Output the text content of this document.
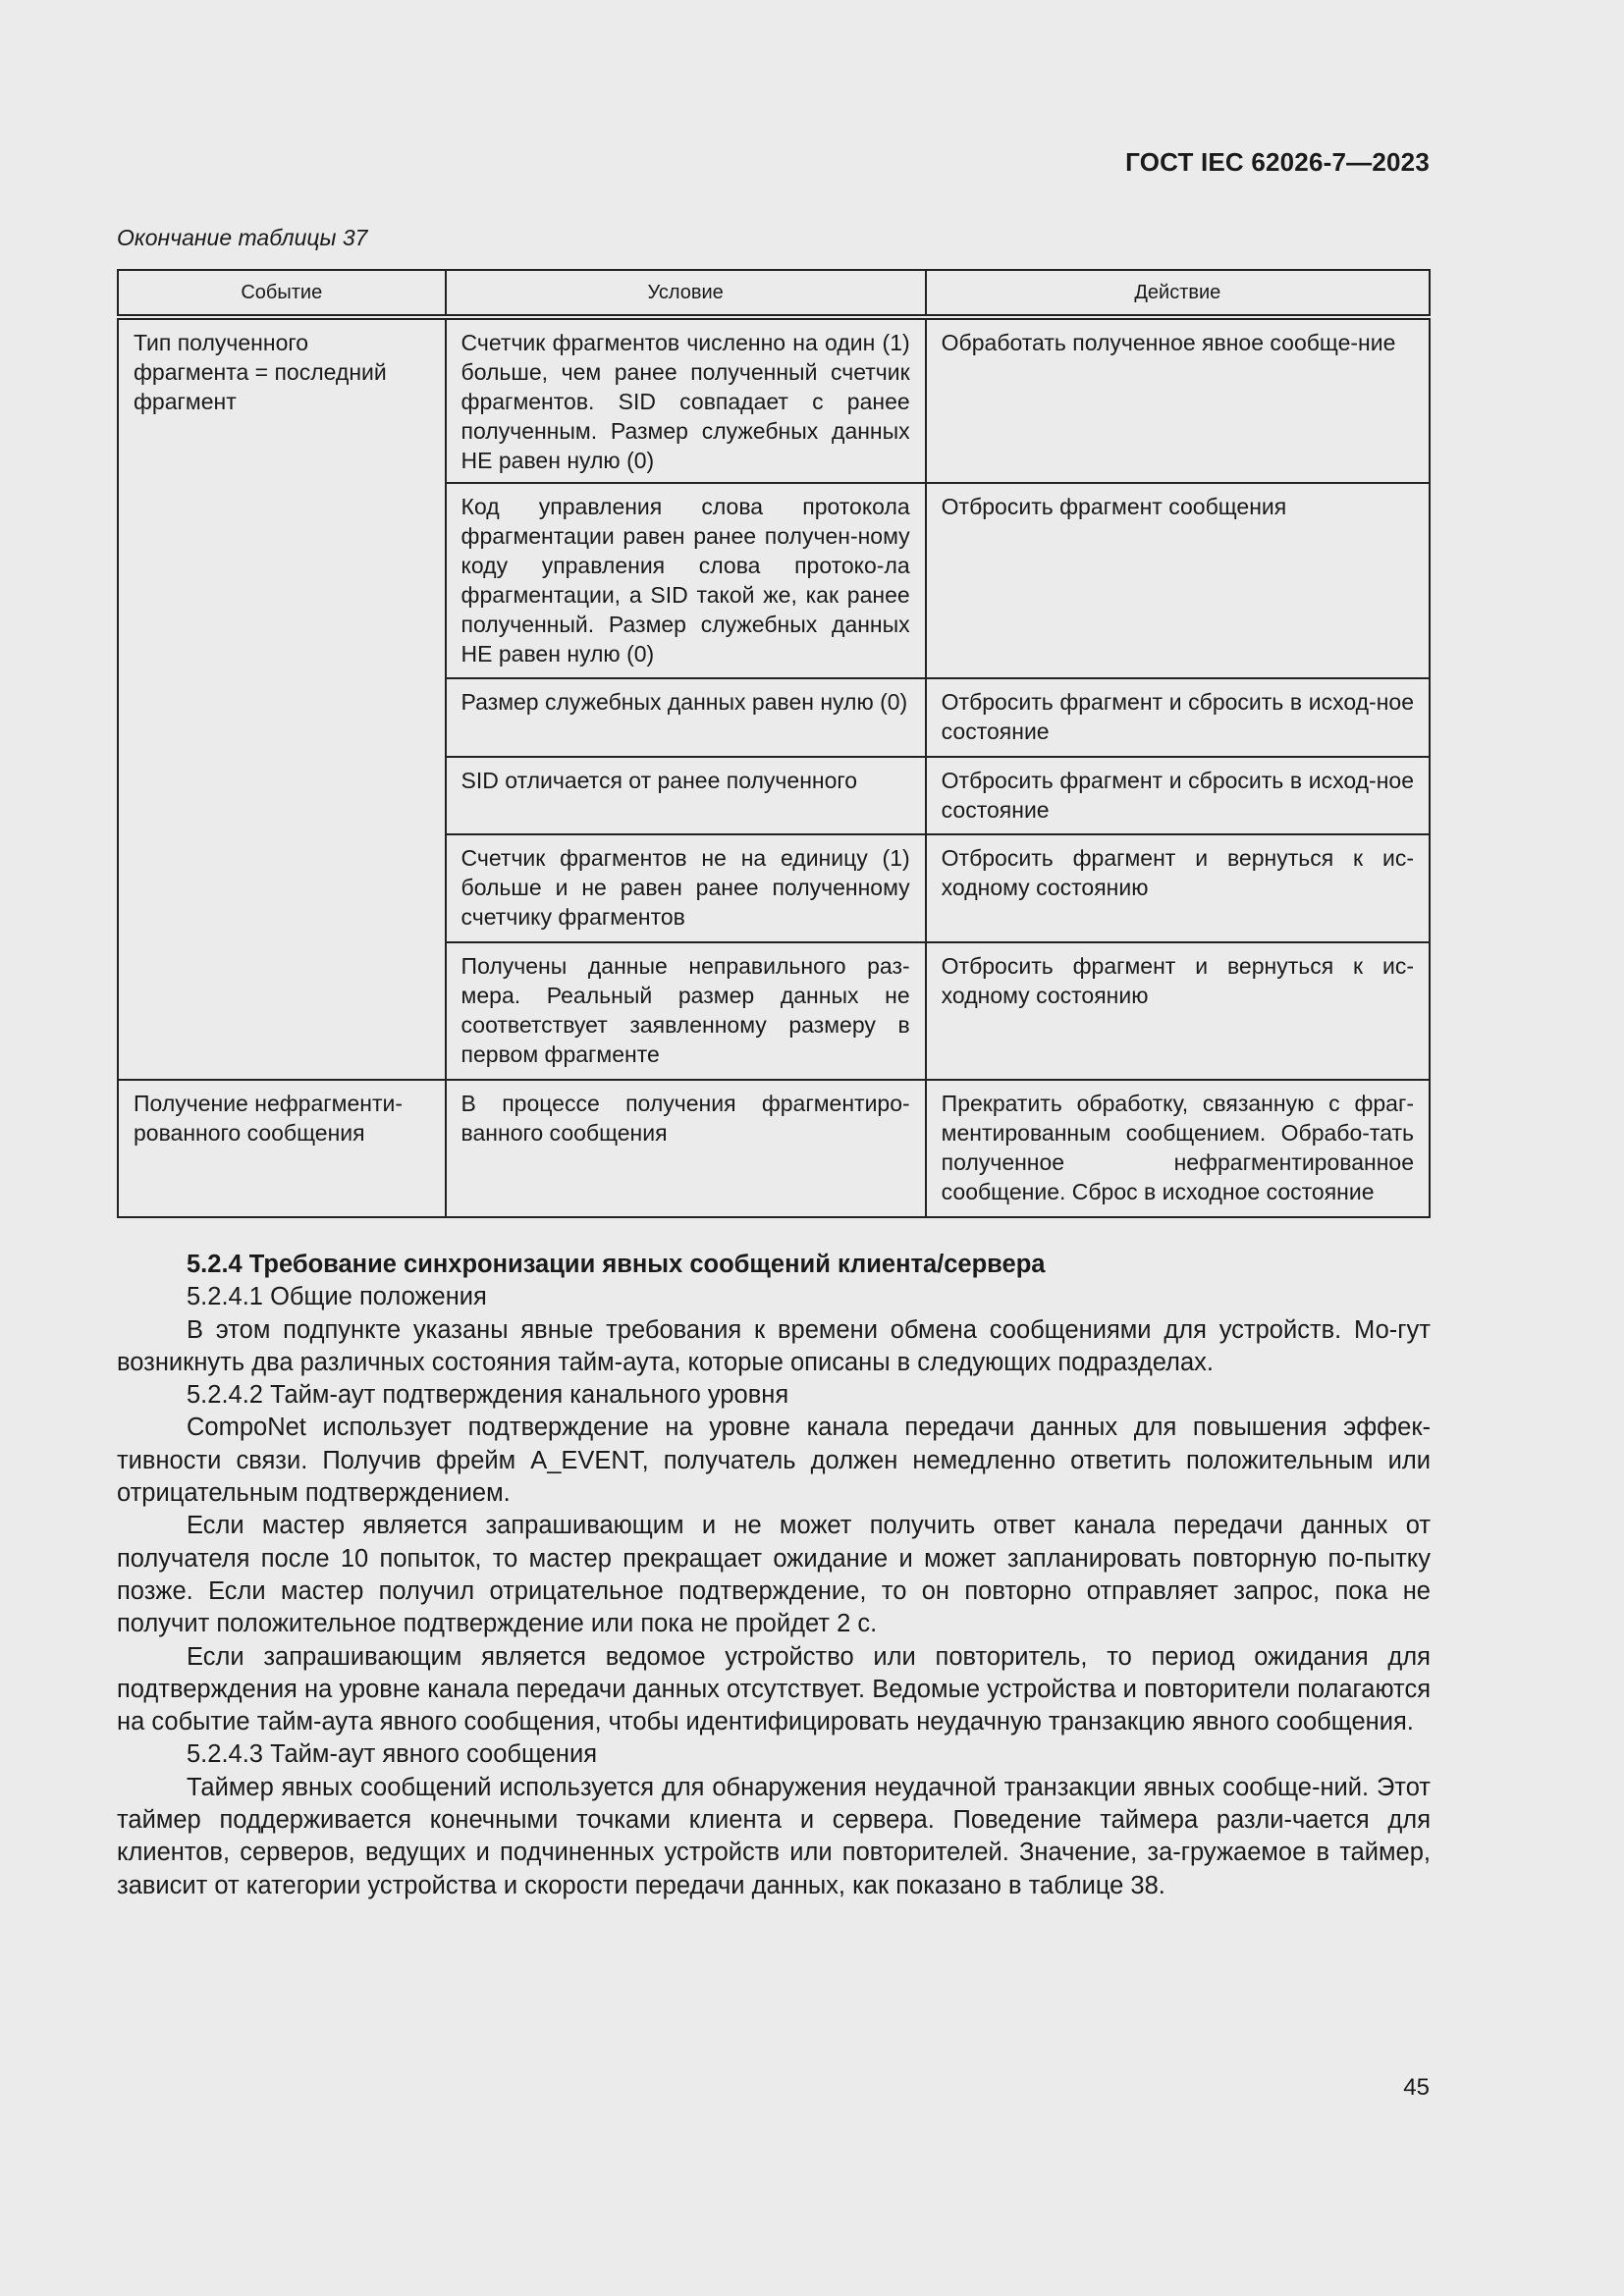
ГОСТ IEC 62026-7—2023
Окончание таблицы 37
Событие	Условие	Действие
Тип полученного фрагмента = последний фрагмент	Счетчик фрагментов численно на один (1) больше, чем ранее полученный счетчик фрагментов. SID совпадает с ранее полученным. Размер служебных данных НЕ равен нулю (0)	Обработать полученное явное сообще-ние
	Код управления слова протокола фрагментации равен ранее получен-ному коду управления слова протоко-ла фрагментации, а SID такой же, как ранее полученный. Размер служебных данных НЕ равен нулю (0)	Отбросить фрагмент сообщения
	Размер служебных данных равен нулю (0)	Отбросить фрагмент и сбросить в исход-ное состояние
	SID отличается от ранее полученного	Отбросить фрагмент и сбросить в исход-ное состояние
	Счетчик фрагментов не на единицу (1) больше и не равен ранее полученному счетчику фрагментов	Отбросить фрагмент и вернуться к ис-ходному состоянию
	Получены данные неправильного раз-мера. Реальный размер данных не соответствует заявленному размеру в первом фрагменте	Отбросить фрагмент и вернуться к ис-ходному состоянию
Получение нефрагменти-рованного сообщения	В процессе получения фрагментиро-ванного сообщения	Прекратить обработку, связанную с фраг-ментированным сообщением. Обрабо-тать полученное нефрагментированное сообщение. Сброс в исходное состояние

5.2.4 Требование синхронизации явных сообщений клиента/сервера

5.2.4.1 Общие положения

В этом подпункте указаны явные требования к времени обмена сообщениями для устройств. Мо-гут возникнуть два различных состояния тайм-аута, которые описаны в следующих подразделах.

5.2.4.2 Тайм-аут подтверждения канального уровня

CompoNet использует подтверждение на уровне канала передачи данных для повышения эффек-тивности связи. Получив фрейм A_EVENT, получатель должен немедленно ответить положительным или отрицательным подтверждением.

Если мастер является запрашивающим и не может получить ответ канала передачи данных от получателя после 10 попыток, то мастер прекращает ожидание и может запланировать повторную по-пытку позже. Если мастер получил отрицательное подтверждение, то он повторно отправляет запрос, пока не получит положительное подтверждение или пока не пройдет 2 с.

Если запрашивающим является ведомое устройство или повторитель, то период ожидания для подтверждения на уровне канала передачи данных отсутствует. Ведомые устройства и повторители полагаются на событие тайм-аута явного сообщения, чтобы идентифицировать неудачную транзакцию явного сообщения.

5.2.4.3 Тайм-аут явного сообщения

Таймер явных сообщений используется для обнаружения неудачной транзакции явных сообще-ний. Этот таймер поддерживается конечными точками клиента и сервера. Поведение таймера разли-чается для клиентов, серверов, ведущих и подчиненных устройств или повторителей. Значение, за-гружаемое в таймер, зависит от категории устройства и скорости передачи данных, как показано в таблице 38.

45
